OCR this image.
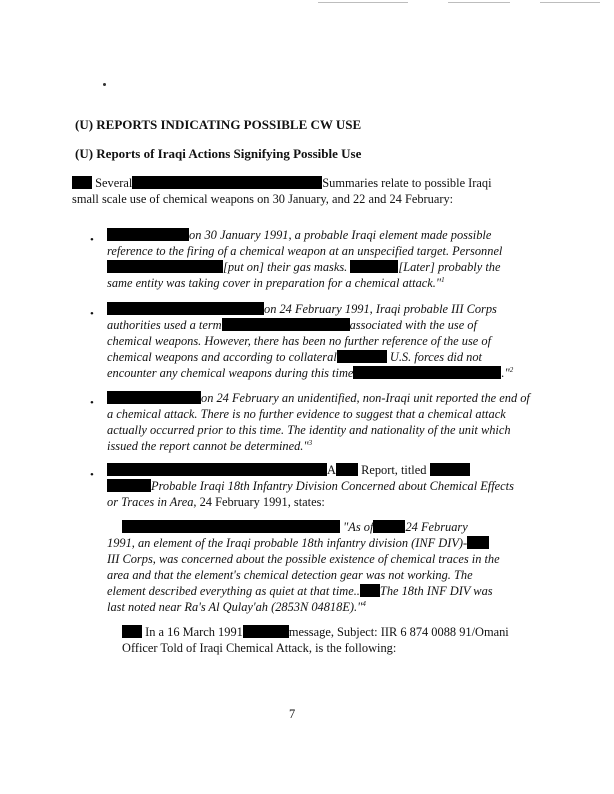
(U) REPORTS INDICATING POSSIBLE CW USE
(U) Reports of Iraqi Actions Signifying Possible Use
Several	Summaries relate to possible Iraqi
small scale use of chemical weapons on 30 January, and 22 and 24 February:
•	on 30 January 1991, a probable Iraqi element made possible
reference to the firing of a chemical weapon at an unspecified target. Personnel
[put on] their gas masks.	[Later] probably the
same entity was taking cover in preparation for a chemical attack."$^1$
•	on 24 February 1991, Iraqi probable III Corps
authorities used a term	associated with the use of
chemical weapons. However, there has been no further reference of the use of
chemical weapons and according to collateral	U.S. forces did not
encounter any chemical weapons during this time	."$^2$
•	on 24 February an unidentified, non-Iraqi unit reported the end of
a chemical attack. There is no further evidence to suggest that a chemical attack
actually occurred prior to this time. The identity and nationality of the unit which
issued the report cannot be determined."$^3$
•	A Report, titled
Probable Iraqi 18th Infantry Division Concerned about Chemical Effects
or Traces in Area, 24 February 1991, states:
"As of	24 February
1991, an element of the Iraqi probable 18th infantry division (INF DIV)-
III Corps, was concerned about the possible existence of chemical traces in the
area and that the element's chemical detection gear was not working. The
element described everything as quiet at that time.. The 18th INF DIV was
last noted near Ra's Al Qulay'ah (2853N 04818E)."$^4$
In a 16 March 1991	message, Subject: IIR 6 874 0088 91/Omani
Officer Told of Iraqi Chemical Attack, is the following:
7
